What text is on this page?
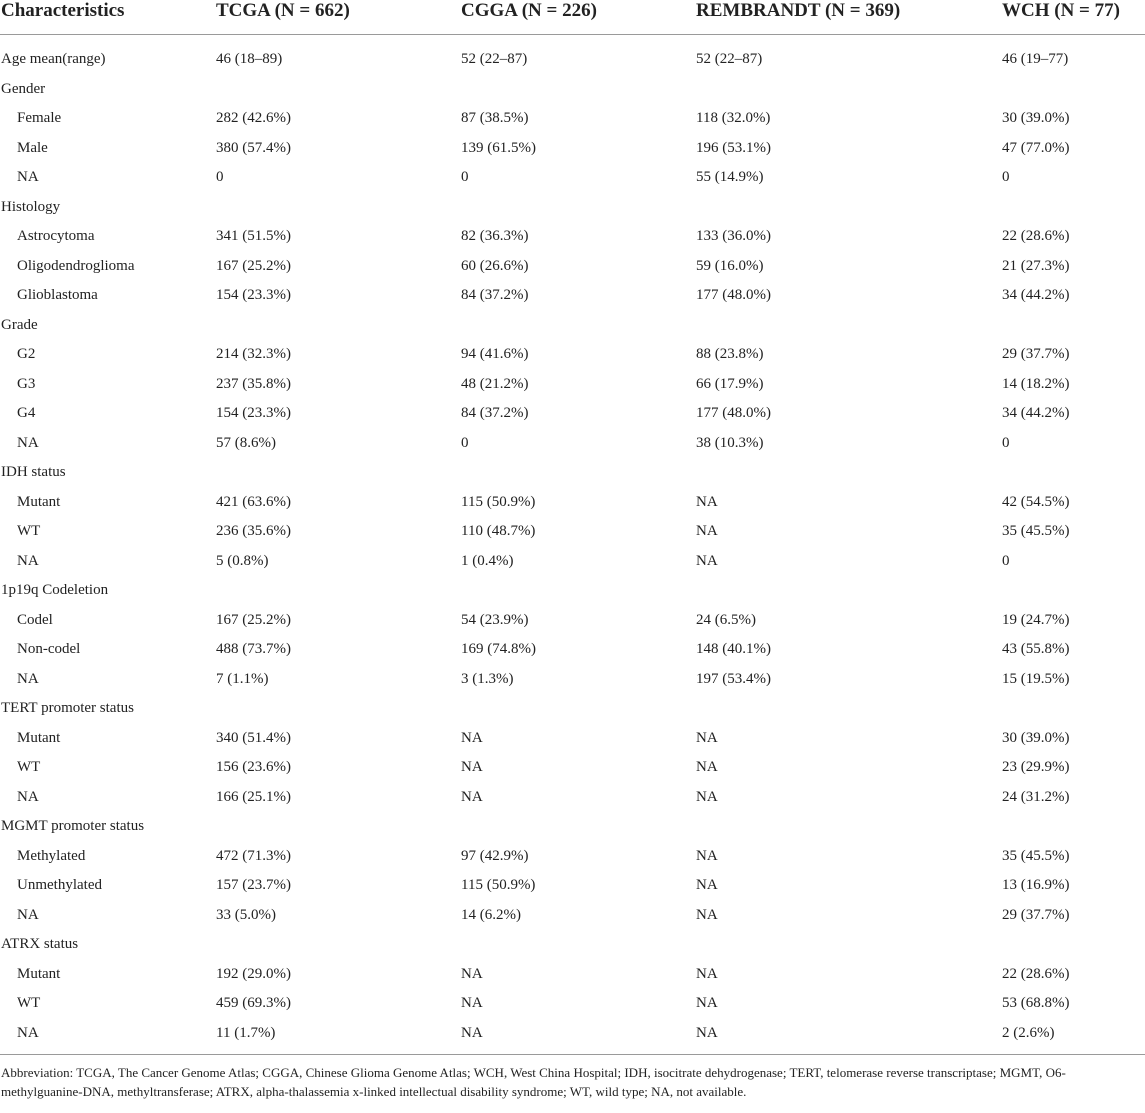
Characteristics	TCGA (N = 662)	CGGA (N = 226)	REMBRANDT (N = 369)	WCH (N = 77)
Age mean(range)	46 (18–89)	52 (22–87)	52 (22–87)	46 (19–77)
Gender				
Female	282 (42.6%)	87 (38.5%)	118 (32.0%)	30 (39.0%)
Male	380 (57.4%)	139 (61.5%)	196 (53.1%)	47 (77.0%)
NA	0	0	55 (14.9%)	0
Histology				
Astrocytoma	341 (51.5%)	82 (36.3%)	133 (36.0%)	22 (28.6%)
Oligodendroglioma	167 (25.2%)	60 (26.6%)	59 (16.0%)	21 (27.3%)
Glioblastoma	154 (23.3%)	84 (37.2%)	177 (48.0%)	34 (44.2%)
Grade				
G2	214 (32.3%)	94 (41.6%)	88 (23.8%)	29 (37.7%)
G3	237 (35.8%)	48 (21.2%)	66 (17.9%)	14 (18.2%)
G4	154 (23.3%)	84 (37.2%)	177 (48.0%)	34 (44.2%)
NA	57 (8.6%)	0	38 (10.3%)	0
IDH status				
Mutant	421 (63.6%)	115 (50.9%)	NA	42 (54.5%)
WT	236 (35.6%)	110 (48.7%)	NA	35 (45.5%)
NA	5 (0.8%)	1 (0.4%)	NA	0
1p19q Codeletion				
Codel	167 (25.2%)	54 (23.9%)	24 (6.5%)	19 (24.7%)
Non-codel	488 (73.7%)	169 (74.8%)	148 (40.1%)	43 (55.8%)
NA	7 (1.1%)	3 (1.3%)	197 (53.4%)	15 (19.5%)
TERT promoter status				
Mutant	340 (51.4%)	NA	NA	30 (39.0%)
WT	156 (23.6%)	NA	NA	23 (29.9%)
NA	166 (25.1%)	NA	NA	24 (31.2%)
MGMT promoter status				
Methylated	472 (71.3%)	97 (42.9%)	NA	35 (45.5%)
Unmethylated	157 (23.7%)	115 (50.9%)	NA	13 (16.9%)
NA	33 (5.0%)	14 (6.2%)	NA	29 (37.7%)
ATRX status				
Mutant	192 (29.0%)	NA	NA	22 (28.6%)
WT	459 (69.3%)	NA	NA	53 (68.8%)
NA	11 (1.7%)	NA	NA	2 (2.6%)
Abbreviation: TCGA, The Cancer Genome Atlas; CGGA, Chinese Glioma Genome Atlas; WCH, West China Hospital; IDH, isocitrate dehydrogenase; TERT, telomerase reverse transcriptase; MGMT, O6-methylguanine-DNA, methyltransferase; ATRX, alpha-thalassemia x-linked intellectual disability syndrome; WT, wild type; NA, not available.
